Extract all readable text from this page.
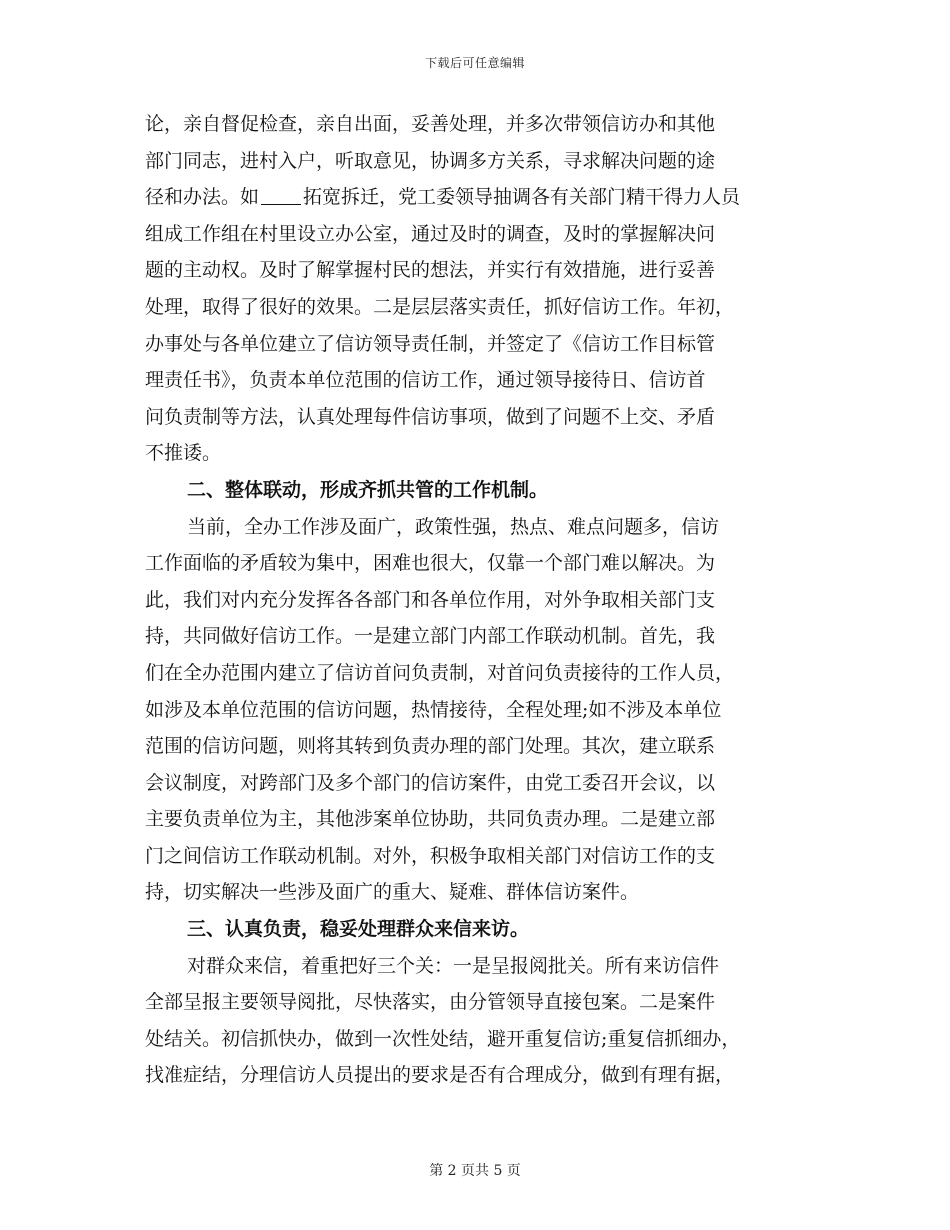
下载后可任意编辑
论，亲自督促检查，亲自出面，妥善处理，并多次带领信访办和其他
部门同志，进村入户，听取意见，协调多方关系，寻求解决问题的途
径和办法。如 拓宽拆迁，党工委领导抽调各有关部门精干得力人员
组成工作组在村里设立办公室，通过及时的调查，及时的掌握解决问
题的主动权。及时了解掌握村民的想法，并实行有效措施，进行妥善
处理，取得了很好的效果。二是层层落实责任，抓好信访工作。年初，
办事处与各单位建立了信访领导责任制，并签定了《信访工作目标管
理责任书》，负责本单位范围的信访工作，通过领导接待日、信访首
问负责制等方法，认真处理每件信访事项，做到了问题不上交、矛盾
不推诿。
二、整体联动，形成齐抓共管的工作机制。
当前，全办工作涉及面广，政策性强，热点、难点问题多，信访
工作面临的矛盾较为集中，困难也很大，仅靠一个部门难以解决。为
此，我们对内充分发挥各各部门和各单位作用，对外争取相关部门支
持，共同做好信访工作。一是建立部门内部工作联动机制。首先，我
们在全办范围内建立了信访首问负责制，对首问负责接待的工作人员，
如涉及本单位范围的信访问题，热情接待，全程处理;如不涉及本单位
范围的信访问题，则将其转到负责办理的部门处理。其次，建立联系
会议制度，对跨部门及多个部门的信访案件，由党工委召开会议，以
主要负责单位为主，其他涉案单位协助，共同负责办理。二是建立部
门之间信访工作联动机制。对外，积极争取相关部门对信访工作的支
持，切实解决一些涉及面广的重大、疑难、群体信访案件。
三、认真负责，稳妥处理群众来信来访。
对群众来信，着重把好三个关：一是呈报阅批关。所有来访信件
全部呈报主要领导阅批，尽快落实，由分管领导直接包案。二是案件
处结关。初信抓快办，做到一次性处结，避开重复信访;重复信抓细办，
找准症结，分理信访人员提出的要求是否有合理成分，做到有理有据，
第 2 页共 5 页
